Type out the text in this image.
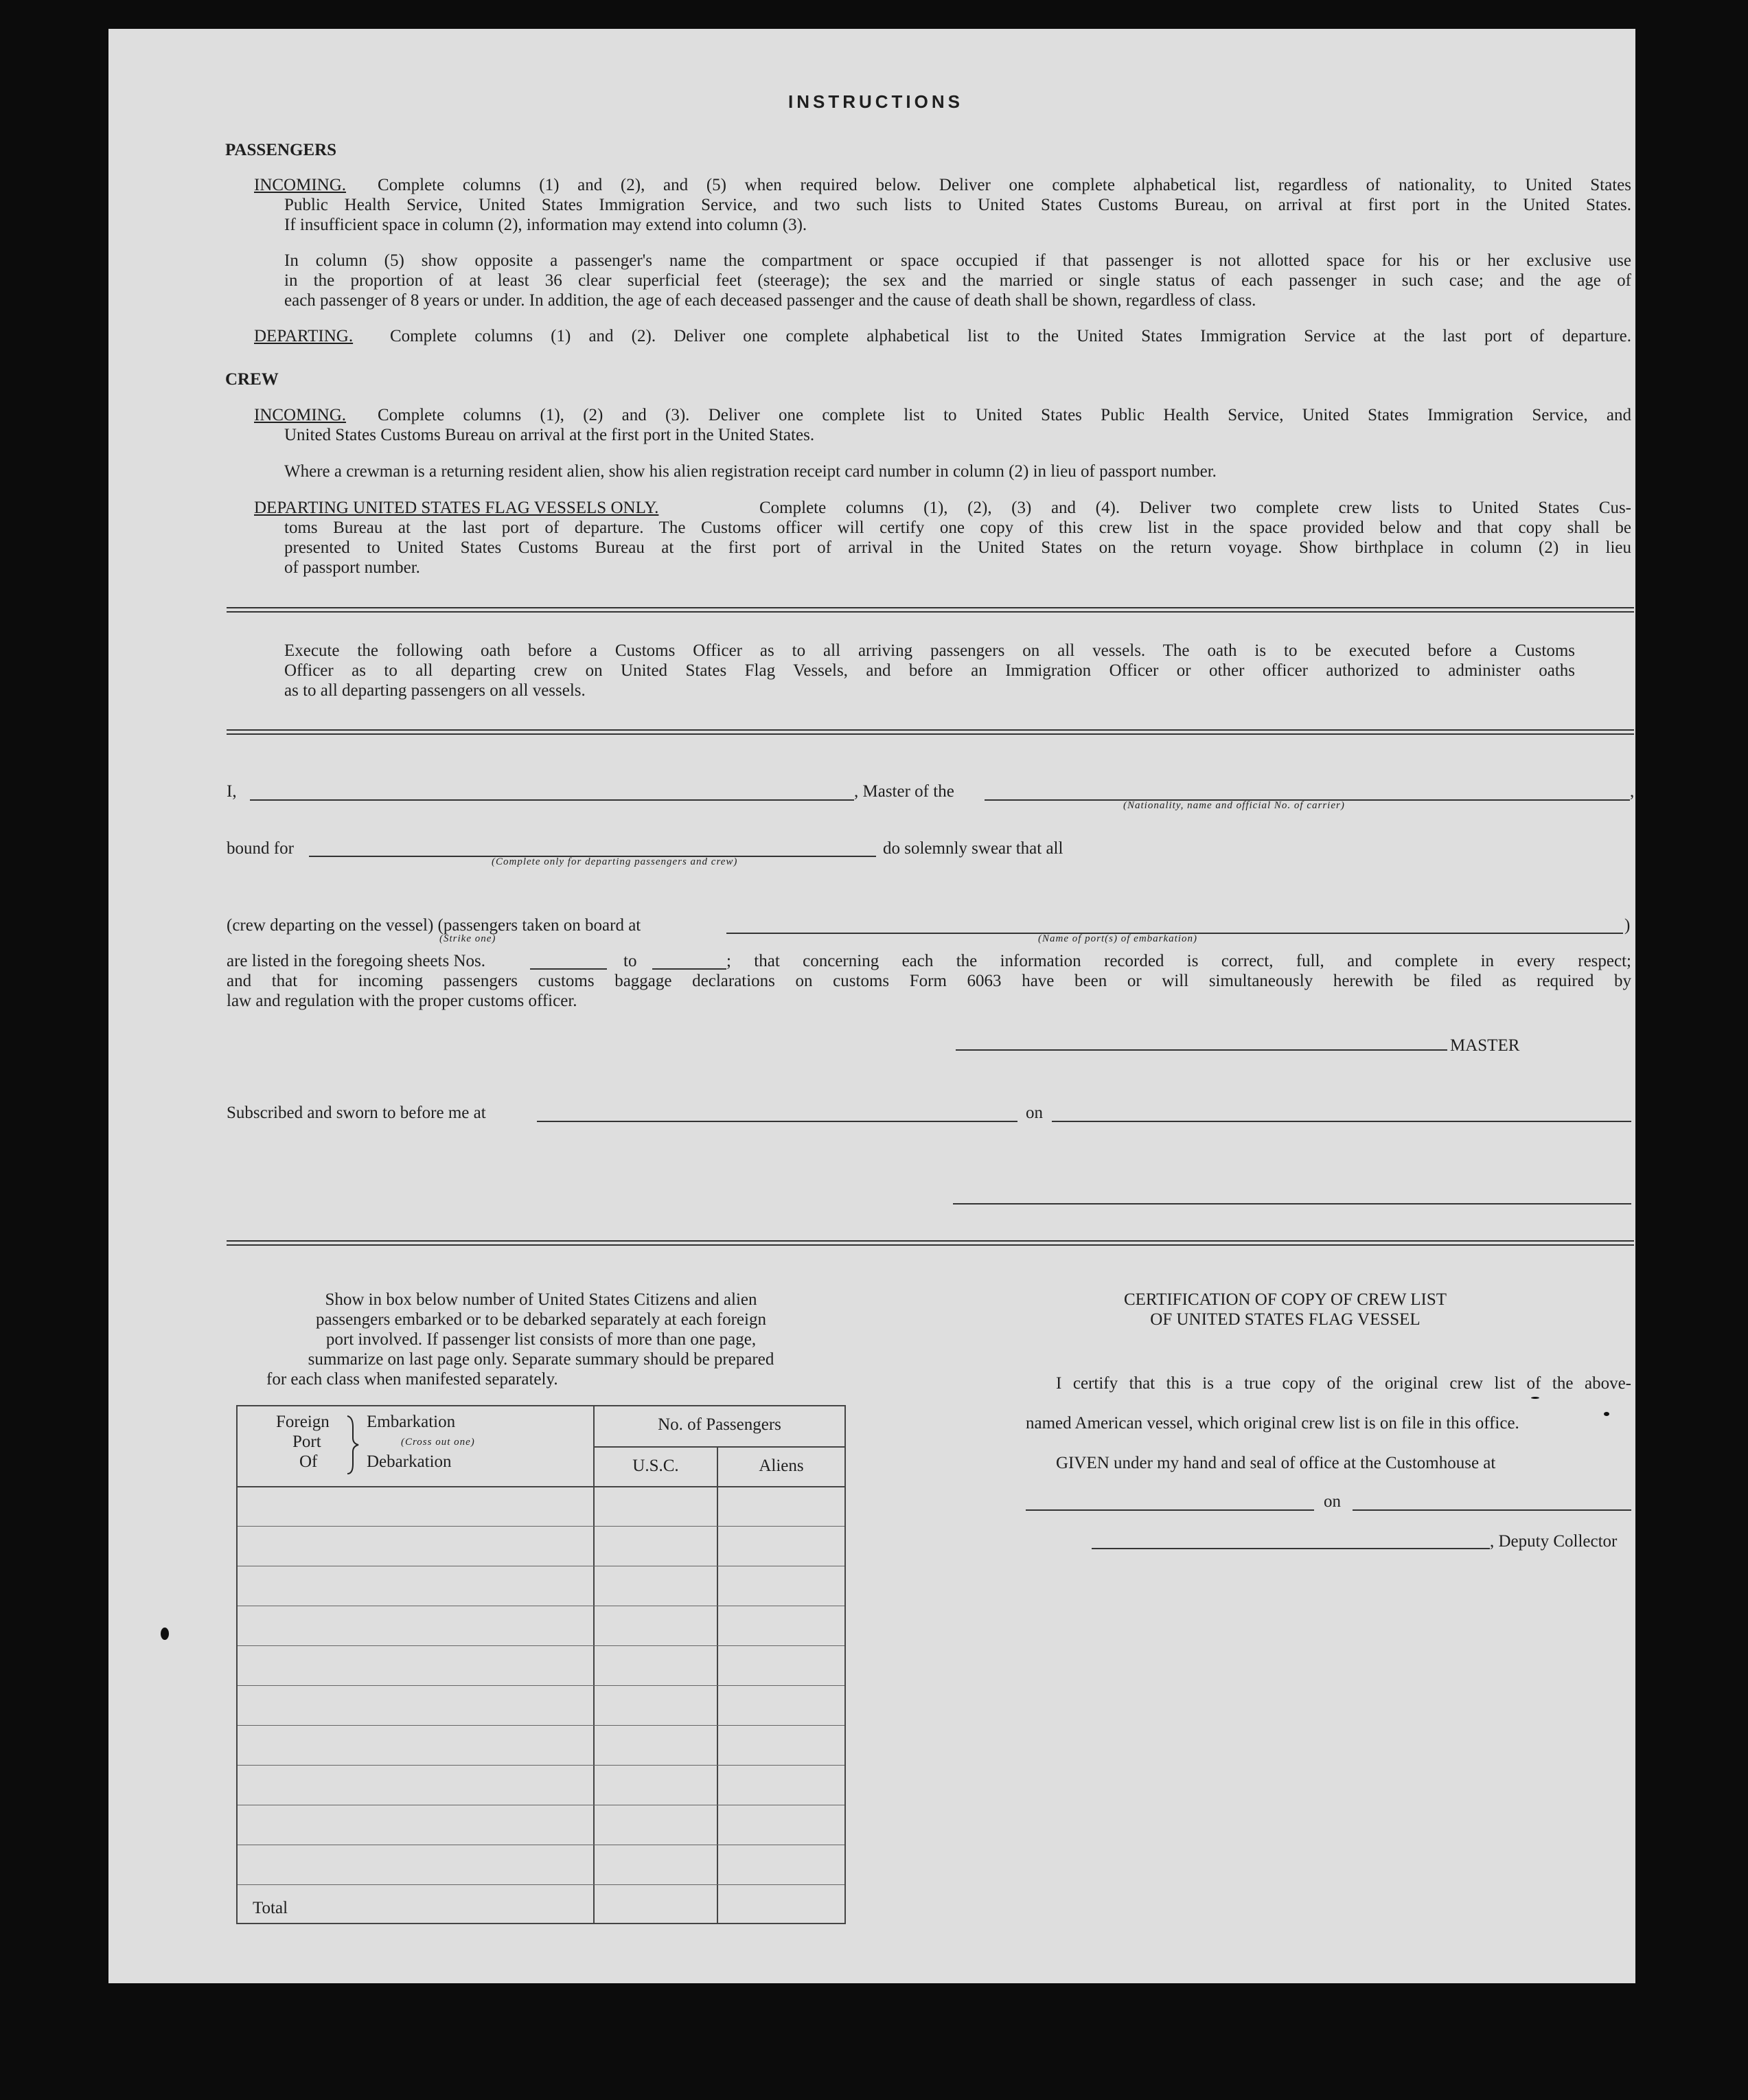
INSTRUCTIONS
PASSENGERS
INCOMING. Complete columns (1) and (2), and (5) when required below. Deliver one complete alphabetical list, regardless of nationality, to United States
Public Health Service, United States Immigration Service, and two such lists to United States Customs Bureau, on arrival at first port in the United States.
If insufficient space in column (2), information may extend into column (3).
In column (5) show opposite a passenger's name the compartment or space occupied if that passenger is not allotted space for his or her exclusive use
in the proportion of at least 36 clear superficial feet (steerage); the sex and the married or single status of each passenger in such case; and the age of
each passenger of 8 years or under. In addition, the age of each deceased passenger and the cause of death shall be shown, regardless of class.
DEPARTING. Complete columns (1) and (2). Deliver one complete alphabetical list to the United States Immigration Service at the last port of departure.
CREW
INCOMING. Complete columns (1), (2) and (3). Deliver one complete list to United States Public Health Service, United States Immigration Service, and
United States Customs Bureau on arrival at the first port in the United States.
Where a crewman is a returning resident alien, show his alien registration receipt card number in column (2) in lieu of passport number.
DEPARTING UNITED STATES FLAG VESSELS ONLY.	Complete columns (1), (2), (3) and (4). Deliver two complete crew lists to United States Cus-
toms Bureau at the last port of departure. The Customs officer will certify one copy of this crew list in the space provided below and that copy shall be
presented to United States Customs Bureau at the first port of arrival in the United States on the return voyage. Show birthplace in column (2) in lieu
of passport number.
Execute the following oath before a Customs Officer as to all arriving passengers on all vessels. The oath is to be executed before a Customs
Officer as to all departing crew on United States Flag Vessels, and before an Immigration Officer or other officer authorized to administer oaths
as to all departing passengers on all vessels.
I,	, Master of the	,
(Nationality, name and official No. of carrier)
bound for	do solemnly swear that all
(Complete only for departing passengers and crew)
(crew departing on the vessel) (passengers taken on board at	)
(Strike one)	(Name of port(s) of embarkation)
are listed in the foregoing sheets Nos.	to	; that concerning each the information recorded is correct, full, and complete in every respect;
and that for incoming passengers customs baggage declarations on customs Form 6063 have been or will simultaneously herewith be filed as required by
law and regulation with the proper customs officer.
MASTER
Subscribed and sworn to before me at	on
Show in box below number of United States Citizens and alien
passengers embarked or to be debarked separately at each foreign
port involved. If passenger list consists of more than one page,
summarize on last page only. Separate summary should be prepared
for each class when manifested separately.
Foreign
Port
Of
Embarkation
(Cross out one)
Debarkation
No. of Passengers
U.S.C.	Aliens
Total
CERTIFICATION OF COPY OF CREW LIST
OF UNITED STATES FLAG VESSEL
I certify that this is a true copy of the original crew list of the above-
named American vessel, which original crew list is on file in this office.
GIVEN under my hand and seal of office at the Customhouse at
on
, Deputy Collector
